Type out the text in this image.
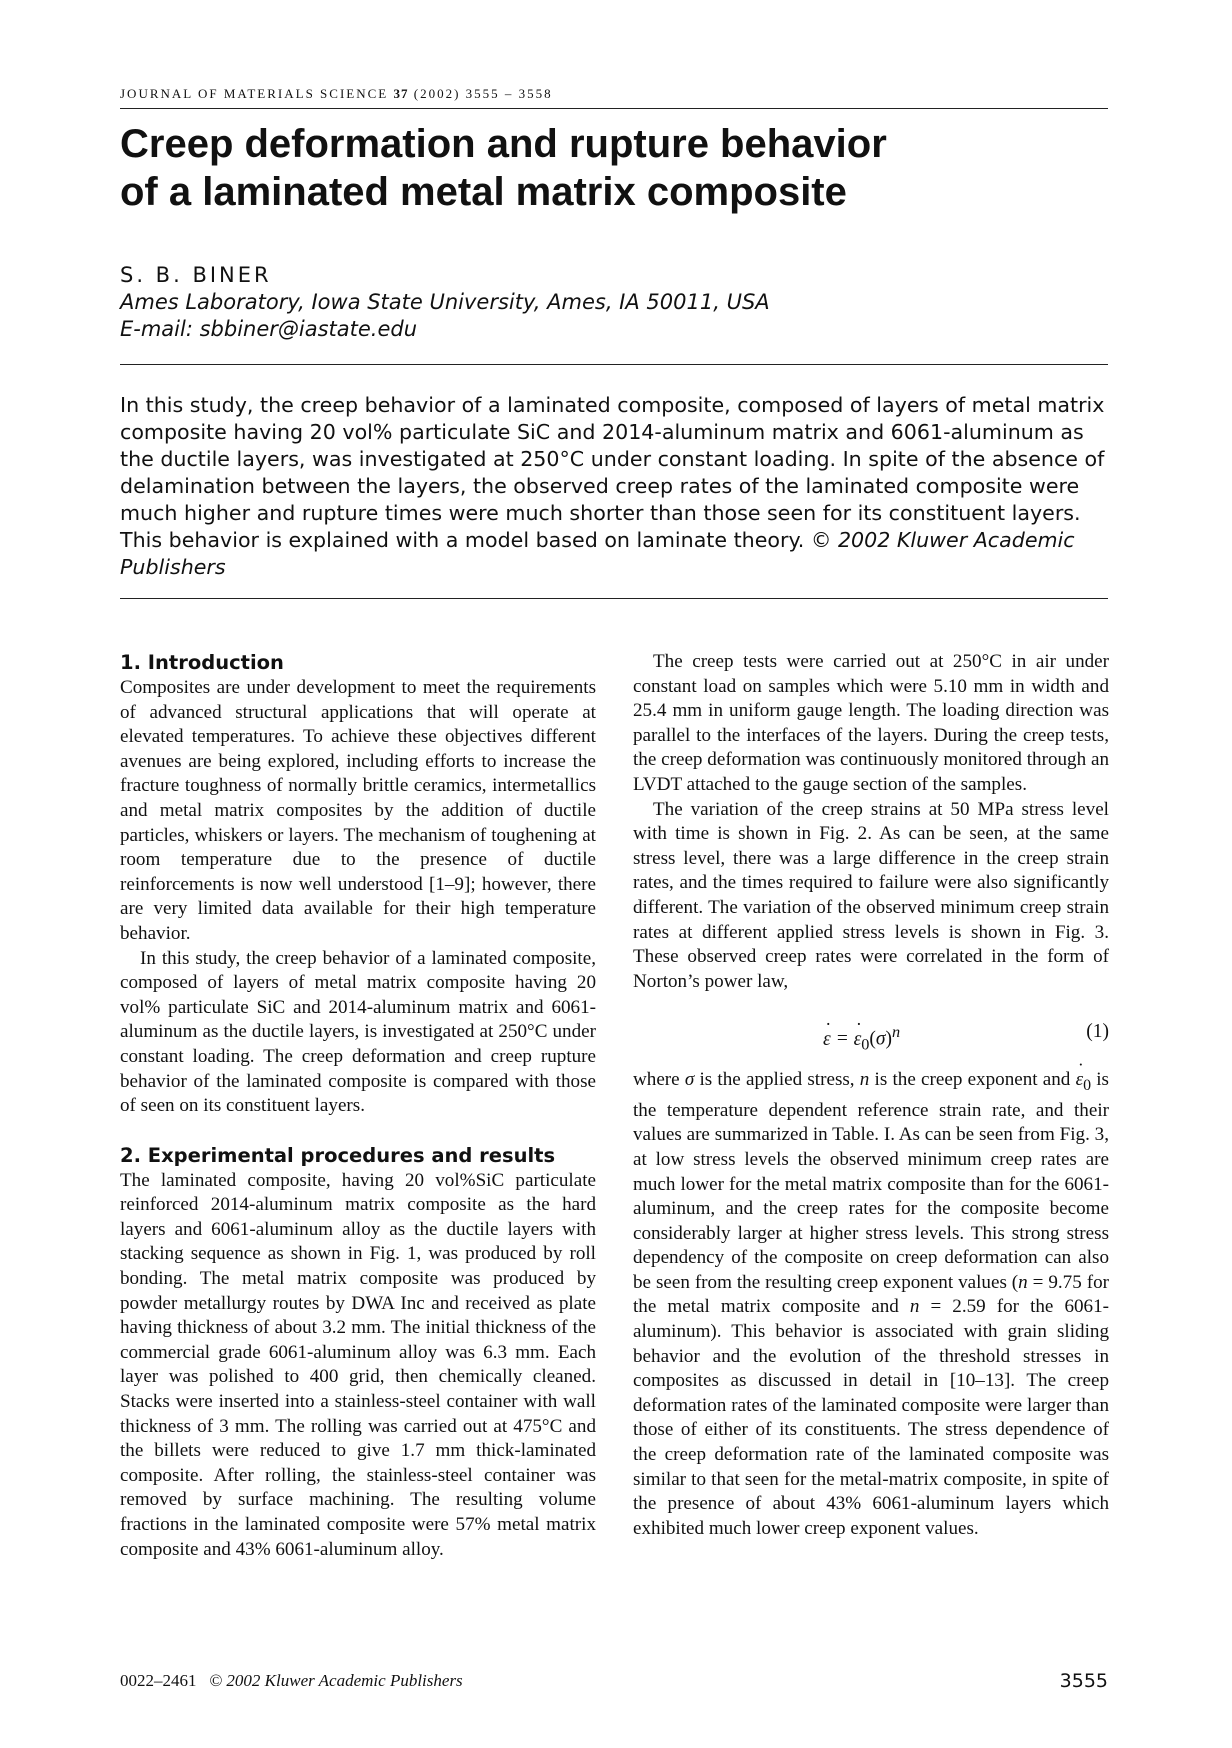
JOURNAL OF MATERIALS SCIENCE 37 (2002) 3555 – 3558
Creep deformation and rupture behavior
of a laminated metal matrix composite
S. B. BINER
Ames Laboratory, Iowa State University, Ames, IA 50011, USA
E-mail: sbbiner@iastate.edu

In this study, the creep behavior of a laminated composite, composed of layers of metal matrix composite having 20 vol% particulate SiC and 2014-aluminum matrix and 6061-aluminum as the ductile layers, was investigated at 250°C under constant loading. In spite of the absence of delamination between the layers, the observed creep rates of the laminated composite were much higher and rupture times were much shorter than those seen for its constituent layers. This behavior is explained with a model based on laminate theory. © 2002 Kluwer Academic Publishers

1. Introduction

Composites are under development to meet the requirements of advanced structural applications that will operate at elevated temperatures. To achieve these objectives different avenues are being explored, including efforts to increase the fracture toughness of normally brittle ceramics, intermetallics and metal matrix composites by the addition of ductile particles, whiskers or layers. The mechanism of toughening at room temperature due to the presence of ductile reinforcements is now well understood [1–9]; however, there are very limited data available for their high temperature behavior.

In this study, the creep behavior of a laminated composite, composed of layers of metal matrix composite having 20 vol% particulate SiC and 2014-aluminum matrix and 6061-aluminum as the ductile layers, is investigated at 250°C under constant loading. The creep deformation and creep rupture behavior of the laminated composite is compared with those of seen on its constituent layers.

2. Experimental procedures and results

The laminated composite, having 20 vol%SiC particulate reinforced 2014-aluminum matrix composite as the hard layers and 6061-aluminum alloy as the ductile layers with stacking sequence as shown in Fig. 1, was produced by roll bonding. The metal matrix composite was produced by powder metallurgy routes by DWA Inc and received as plate having thickness of about 3.2 mm. The initial thickness of the commercial grade 6061-aluminum alloy was 6.3 mm. Each layer was polished to 400 grid, then chemically cleaned. Stacks were inserted into a stainless-steel container with wall thickness of 3 mm. The rolling was carried out at 475°C and the billets were reduced to give 1.7 mm thick-laminated composite. After rolling, the stainless-steel container was removed by surface machining. The resulting volume fractions in the laminated composite were 57% metal matrix composite and 43% 6061-aluminum alloy.

The creep tests were carried out at 250°C in air under constant load on samples which were 5.10 mm in width and 25.4 mm in uniform gauge length. The loading direction was parallel to the interfaces of the layers. During the creep tests, the creep deformation was continuously monitored through an LVDT attached to the gauge section of the samples.

The variation of the creep strains at 50 MPa stress level with time is shown in Fig. 2. As can be seen, at the same stress level, there was a large difference in the creep strain rates, and the times required to failure were also significantly different. The variation of the observed minimum creep strain rates at different applied stress levels is shown in Fig. 3. These observed creep rates were correlated in the form of Norton’s power law,

ε ˙ = ε $˙_0(\sigma)^n$	(1)

where σ is the applied stress, n is the creep exponent and ε $˙_0$ is the temperature dependent reference strain rate, and their values are summarized in Table. I. As can be seen from Fig. 3, at low stress levels the observed minimum creep rates are much lower for the metal matrix composite than for the 6061-aluminum, and the creep rates for the composite become considerably larger at higher stress levels. This strong stress dependency of the composite on creep deformation can also be seen from the resulting creep exponent values (n = 9.75 for the metal matrix composite and n = 2.59 for the 6061-aluminum). This behavior is associated with grain sliding behavior and the evolution of the threshold stresses in composites as discussed in detail in [10–13]. The creep deformation rates of the laminated composite were larger than those of either of its constituents. The stress dependence of the creep deformation rate of the laminated composite was similar to that seen for the metal-matrix composite, in spite of the presence of about 43% 6061-aluminum layers which exhibited much lower creep exponent values.

0022–2461 © 2002 Kluwer Academic Publishers	3555
